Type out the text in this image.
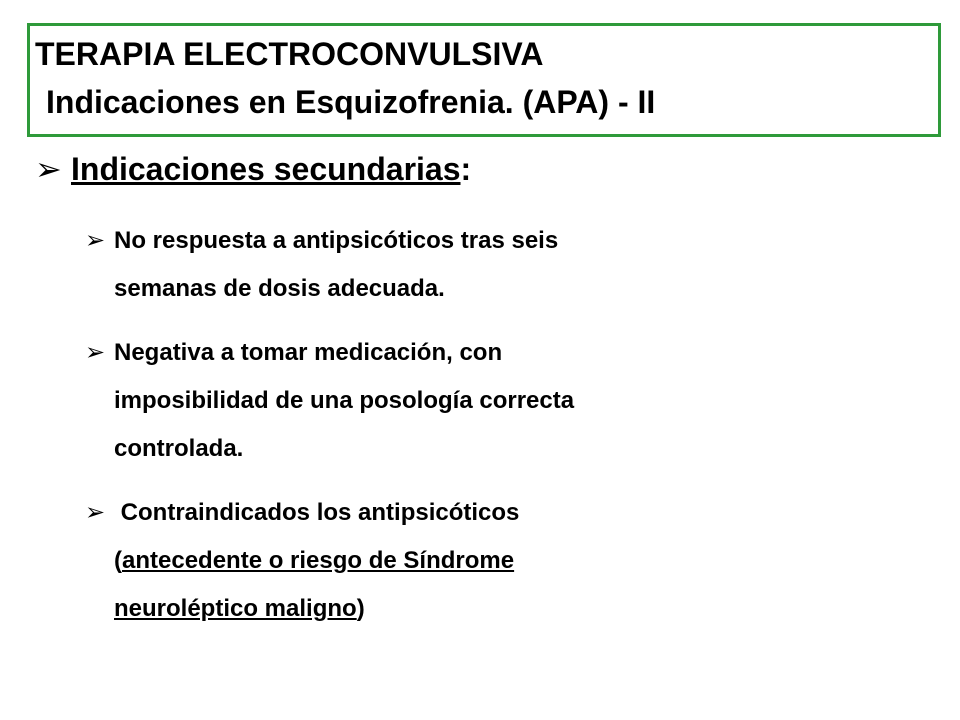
TERAPIA ELECTROCONVULSIVA
Indicaciones en Esquizofrenia. (APA) - II
➢ Indicaciones secundarias:
➢ No respuesta a antipsicóticos tras seis
semanas de dosis adecuada.
➢ Negativa a tomar medicación, con
imposibilidad de una posología correcta
controlada.
➢ Contraindicados los antipsicóticos
(antecedente o riesgo de Síndrome
neuroléptico maligno)
